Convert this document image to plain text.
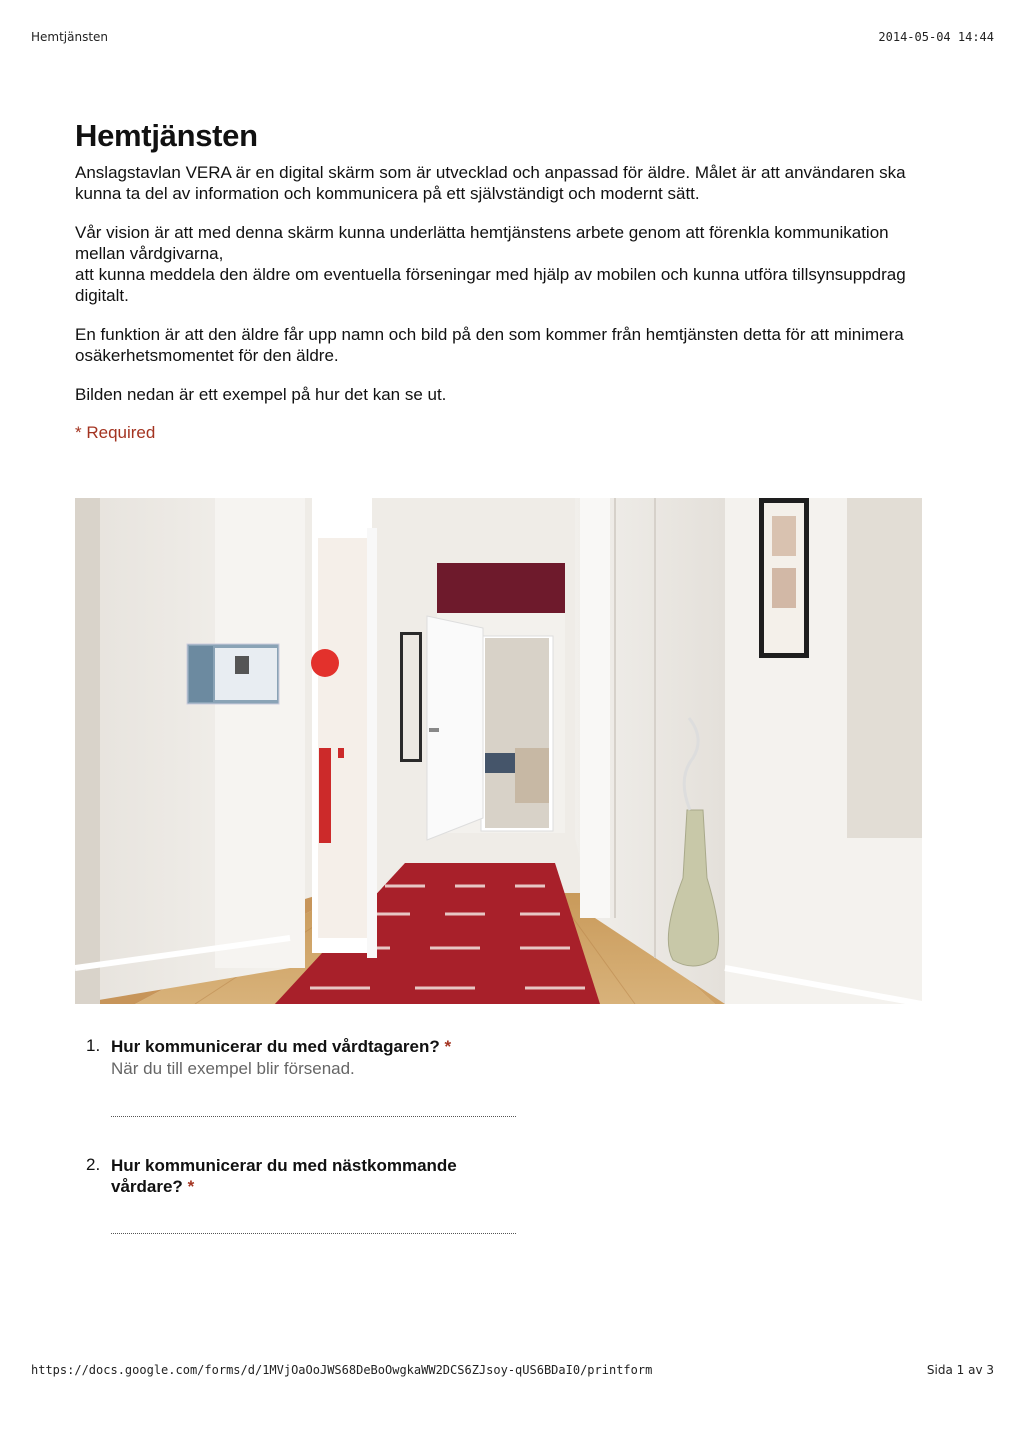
Hemtjänsten	2014-05-04 14:44
Hemtjänsten

Anslagstavlan VERA är en digital skärm som är utvecklad och anpassad för äldre. Målet är att användaren ska kunna ta del av information och kommunicera på ett självständigt och modernt sätt.

Vår vision är att med denna skärm kunna underlätta hemtjänstens arbete genom att förenkla kommunikation mellan vårdgivarna,
att kunna meddela den äldre om eventuella förseningar med hjälp av mobilen och kunna utföra tillsynsuppdrag digitalt.

En funktion är att den äldre får upp namn och bild på den som kommer från hemtjänsten detta för att minimera osäkerhetsmomentet för den äldre.

Bilden nedan är ett exempel på hur det kan se ut.

* Required

1. Hur kommunicerar du med vårdtagaren? *
När du till exempel blir försenad.
2. Hur kommunicerar du med nästkommande vårdare? *
https://docs.google.com/forms/d/1MVjOaOoJWS68DeBoOwgkaWW2DCS6ZJsoy-qUS6BDaI0/printform	Sida 1 av 3
